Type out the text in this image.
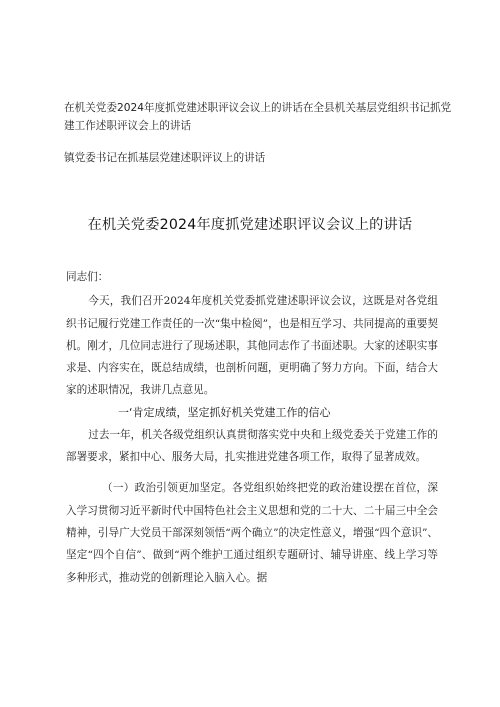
在机关党委2024年度抓党建述职评议会议上的讲话在全县机关基层党组织书记抓党建工作述职评议会上的讲话

镇党委书记在抓基层党建述职评议上的讲话

在机关党委2024年度抓党建述职评议会议上的讲话

同志们：

今天，我们召开2024年度机关党委抓党建述职评议会议，这既是对各党组织书记履行党建工作责任的一次“集中检阅”，也是相互学习、共同提高的重要契机。刚才，几位同志进行了现场述职，其他同志作了书面述职。大家的述职实事求是、内容实在，既总结成绩，也剖析问题，更明确了努力方向。下面，结合大家的述职情况，我讲几点意见。

一‘肯定成绩，坚定抓好机关党建工作的信心

过去一年，机关各级党组织认真贯彻落实党中央和上级党委关于党建工作的部署要求，紧扣中心、服务大局，扎实推进党建各项工作，取得了显著成效。

（一）政治引领更加坚定。各党组织始终把党的政治建设摆在首位，深入学习贯彻习近平新时代中国特色社会主义思想和党的二十大、二十届三中全会精神，引导广大党员干部深刻领悟“两个确立”的决定性意义，增强“四个意识”、坚定“四个自信”、做到“两个维护工通过组织专题研讨、辅导讲座、线上学习等多种形式，推动党的创新理论入脑入心。据
